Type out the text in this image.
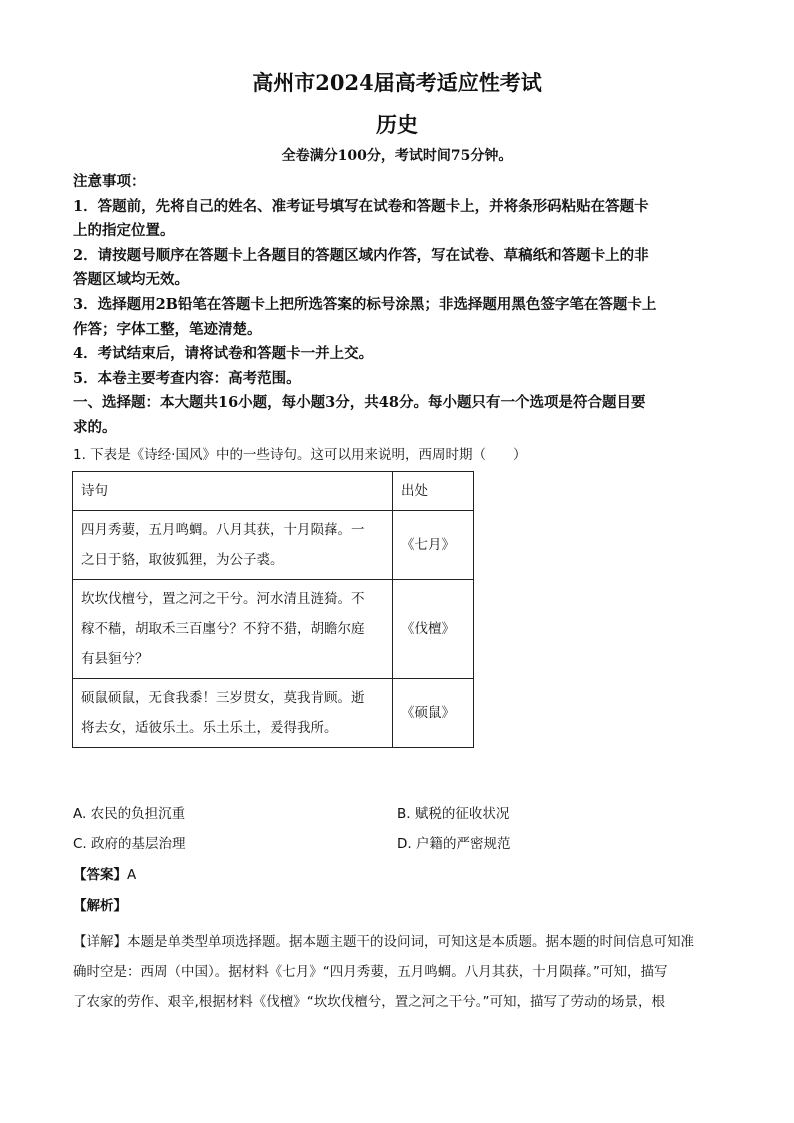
高州市2024届高考适应性考试
历史
全卷满分100分，考试时间75分钟。

注意事项：

1．答题前，先将自己的姓名、准考证号填写在试卷和答题卡上，并将条形码粘贴在答题卡

上的指定位置。

2．请按题号顺序在答题卡上各题目的答题区域内作答，写在试卷、草稿纸和答题卡上的非

答题区域均无效。

3．选择题用2B铅笔在答题卡上把所选答案的标号涂黑；非选择题用黑色签字笔在答题卡上

作答；字体工整，笔迹清楚。

4．考试结束后，请将试卷和答题卡一并上交。

5．本卷主要考查内容：高考范围。

一、选择题：本大题共16小题，每小题3分，共48分。每小题只有一个选项是符合题目要

求的。

1. 下表是《诗经·国风》中的一些诗句。这可以用来说明，西周时期（　　）
诗句	出处

四月秀葽，五月鸣蜩。八月其获，十月陨萚。一
之日于貉，取彼狐狸，为公子裘。	《七月》

坎坎伐檀兮，置之河之干兮。河水清且涟猗。不
稼不穑，胡取禾三百廛兮？不狩不猎，胡瞻尔庭
有县貆兮？	《伐檀》

硕鼠硕鼠，无食我黍！三岁贯女，莫我肯顾。逝
将去女，适彼乐土。乐土乐土，爰得我所。	《硕鼠》
A. 农民的负担沉重	B. 赋税的征收状况
C. 政府的基层治理	D. 户籍的严密规范
【答案】A
【解析】

【详解】本题是单类型单项选择题。据本题主题干的设问词，可知这是本质题。据本题的时间信息可知准

确时空是：西周（中国）。据材料《七月》“四月秀葽，五月鸣蜩。八月其获，十月陨萚。”可知，描写

了农家的劳作、艰辛,根据材料《伐檀》“坎坎伐檀兮，置之河之干兮。”可知，描写了劳动的场景，根
